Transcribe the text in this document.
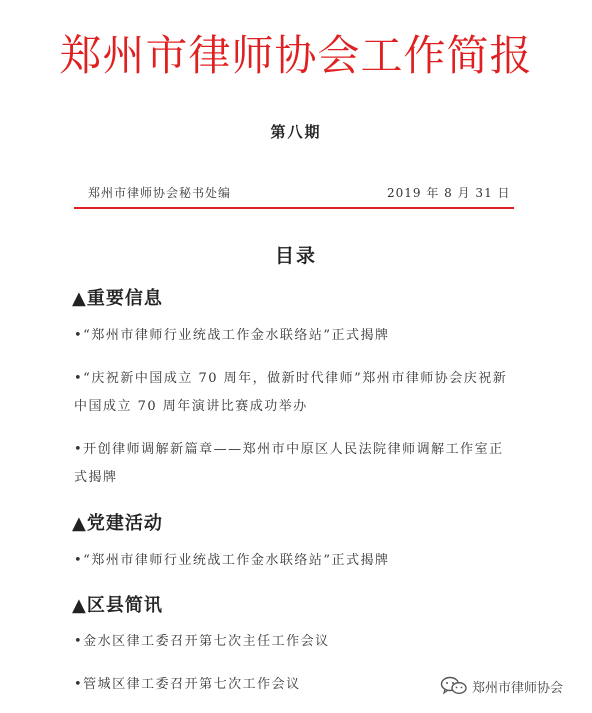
郑州市律师协会工作简报
第八期
郑州市律师协会秘书处编	2019 年 8 月 31 日
目录
▲重要信息
•“郑州市律师行业统战工作金水联络站”正式揭牌
•“庆祝新中国成立 70 周年，做新时代律师”郑州市律师协会庆祝新中国成立 70 周年演讲比赛成功举办
•开创律师调解新篇章——郑州市中原区人民法院律师调解工作室正式揭牌
▲党建活动
•“郑州市律师行业统战工作金水联络站”正式揭牌
▲区县简讯
•金水区律工委召开第七次主任工作会议
•管城区律工委召开第七次工作会议	郑州市律师协会
